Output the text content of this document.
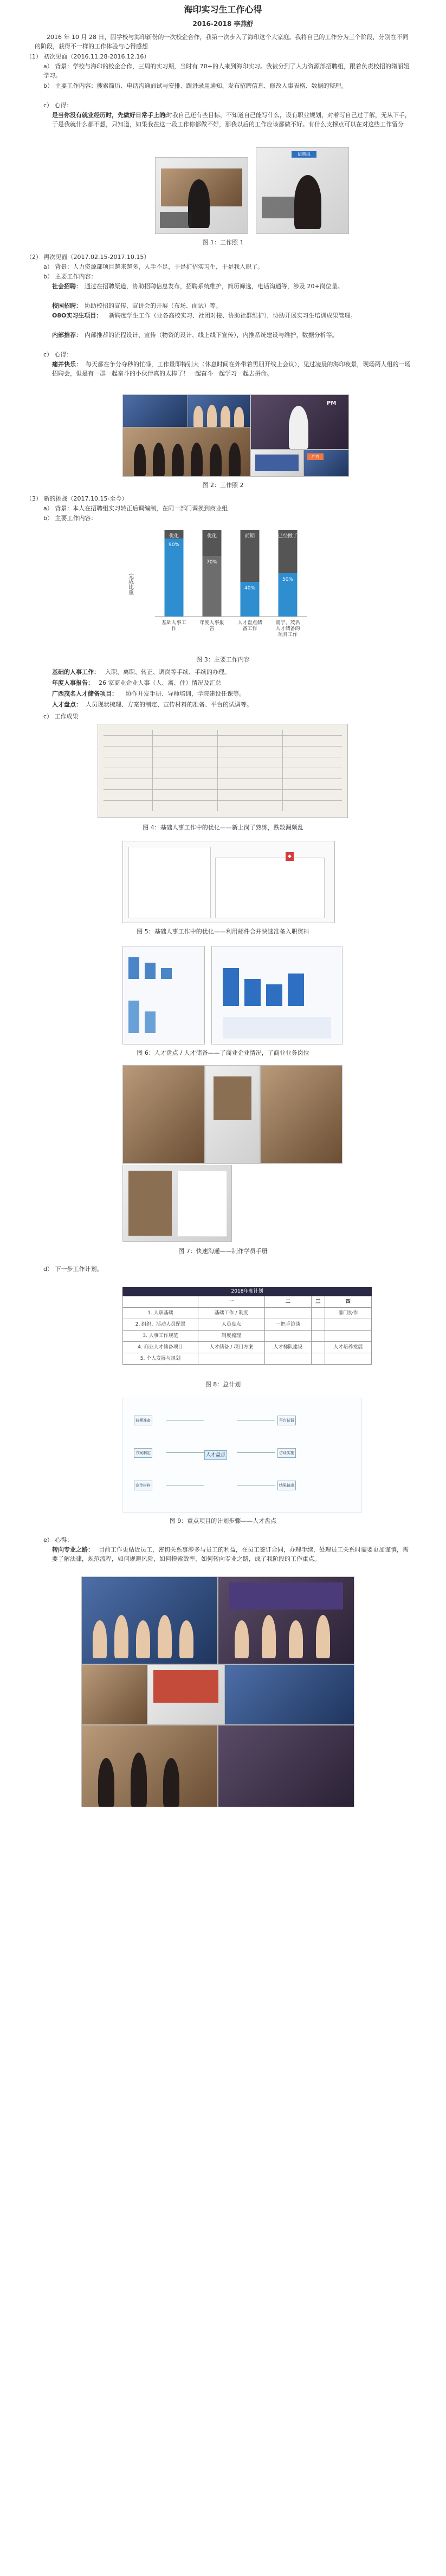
海印实习生工作心得
2016-2018 李燕舒

2016 年 10 月 28 日，因学校与海印新份的一次校企合作，我第一次步入了海印这个大家庭。我将自己的工作分为三个阶段，分别在不同的阶段，获得不一样的工作体验与心得感想

（1） 初次见面（2016.11.28-2016.12.16）

a） 背景：学校与海印的校企合作，三周的实习期，当时有 70+的人来到海印实习。我被分到了人力资源部招聘组，跟着负责校招的隋丽姐学习。

b） 主要工作内容：搜索简历、电话沟通面试与安排、跟进录用通知、发布招聘信息、修改人事表格、数据的整理。

c） 心得：

是当你没有就业经历时，先做好日常手上的：

当时我自己还有些目标，不知道自己能写什么，设有职业规划，对着写自己过了解，无从下手，于是我就什么都不想，只知道，如果我在这一段工作你都做不好，那我以后的工作应该都做不好。有什么支撑点可以在对这些工作留分

招聘组
图 1：工作照 1

（2） 再次见面（2017.02.15-2017.10.15）

a） 背景：人力资源部项目越来越多，人手不足，于是扩招实习生，于是我入职了。

b） 主要工作内容：

社会招聘： 通过在招聘渠道，协助招聘信息发布，招聘系统维护，简历筛选，电话沟通等，涉及 20+岗位量。

校园招聘： 协助校招的宣传、宣讲会的开展（布场、面试）等。

O8O实习生项目：	新聘度学生工作（业各高校实习、社团对接、协助社群维护），协助开展实习生培训成果管理。

内部推荐： 内部推荐的流程设计、宣传（物资的设计、线上线下宣传），内推系统建设与维护，数据分析等。

c） 心得：

痛并快乐： 每天都在争分夺秒的忙碌，工作量即特别大（休息时间在外带着男朋开线上会议），见过凌晨的海印夜景，现场两人组的一场招聘会，但是有一群一起奋斗的小伙伴真的太棒了！一起奋斗一起学习一起去拼命。

PM
广告
图 2：工作照 2

（3） 新的挑战（2017.10.15-至今）

a） 背景：本人在招聘组实习转正后调编制，在同一部门调换到商业组

b） 主要工作内容：

完成比重
优化
90%
基础人事工
作
优化
70%
年度人事报
告
前期
40%
人才盘点储
备工作
已经做了
50%
南宁、茂名
人才储备的
项目工作
图 3：主要工作内容

基础的人事工作： 入职、离职、转正、调岗等手续、手续的办理。

年度人事报告： 26 家商业企业人事（人、离、住）情况及汇总

广西茂名人才储备项目：	协作开发手册、导师培训，学院建设任课等。

人才盘点： 人员现状梳理、方案的制定、宣传材料的准备、平台的试调等。

c） 工作成果

图 4：基础人事工作中的优化——新上岗子熟练，跌数漏颇乱
◆
图 5：基础人事工作中的优化——利用邮件合并快速准备入职资料
图 6：人才盘点 / 人才储备——了商业企业情况，了商业业务岗位
图 7：快速沟通——制作学员手册

d） 下一步工作计划。

2018年度计划
	一	二	三	四
1. 入职基础	基础工作 / 制度			部门协作
2. 组织、活动人员配置	人员盘点	一把手访谈		
3. 人事工作规范	制度梳理			
4. 商业人才储备项目	人才储备 / 项目方案	人才梯队建设		人才培养发展
5. 个人发展与规划				
图 8：总计划
人才盘点
前期准备
方案制定
宣传材料
平台试调
访谈实施
结果输出
图 9：重点项目的计划步骤——人才盘点

e） 心得：

转向专业之路： 目前工作更贴近员工，密切关系事涉多与员工的利益，在员工签订合同，办理手续，处理员工关系时需要更加谨慎，需要了解法律，规范流程，如何规避风险，如何摸索效率、如何转向专业之路，成了我阶段的工作重点。
